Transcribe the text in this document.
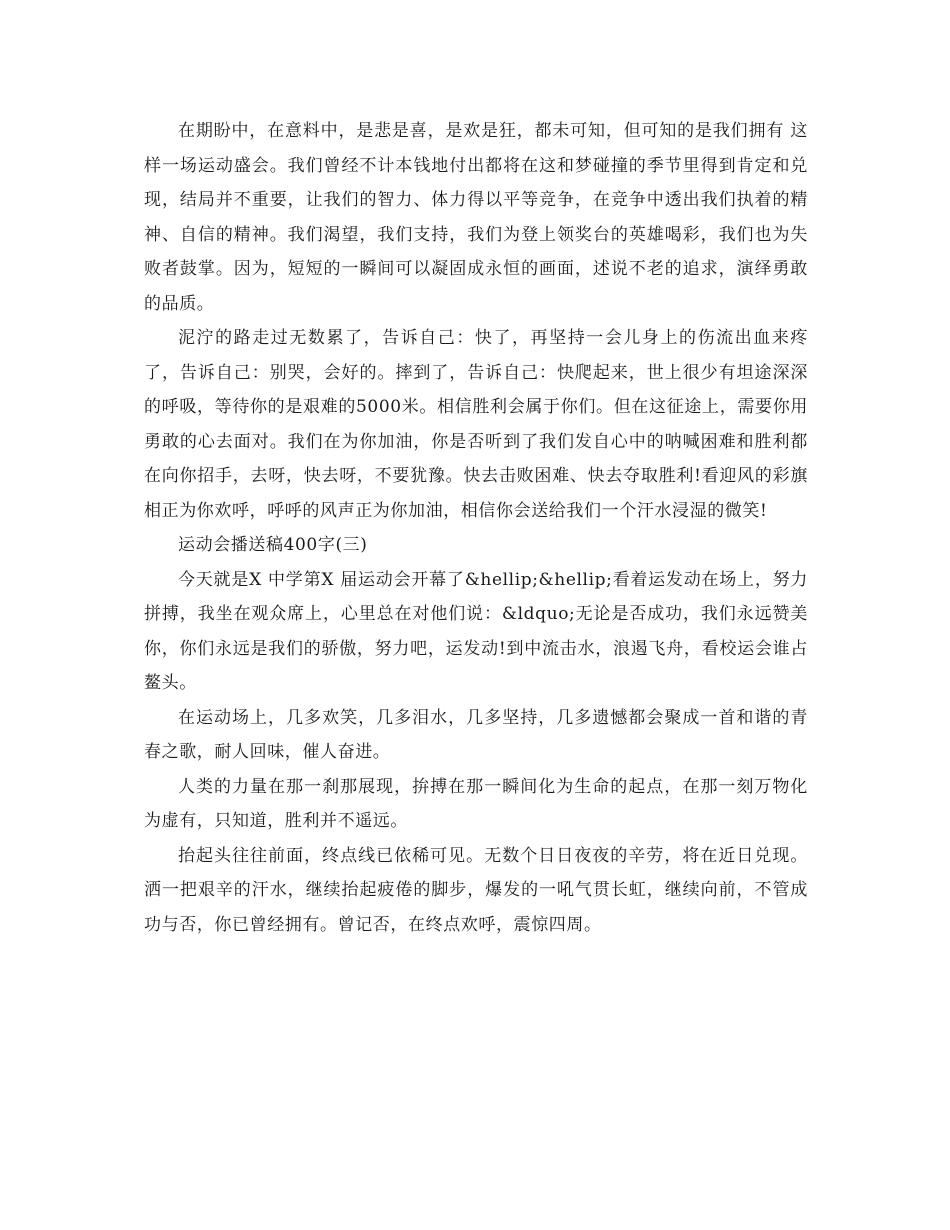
在期盼中，在意料中，是悲是喜，是欢是狂，都未可知，但可知的是我们拥有 这样一场运动盛会。我们曾经不计本钱地付出都将在这和梦碰撞的季节里得到肯定和兑现，结局并不重要，让我们的智力、体力得以平等竞争，在竞争中透出我们执着的精神、自信的精神。我们渴望，我们支持，我们为登上领奖台的英雄喝彩，我们也为失败者鼓掌。因为，短短的一瞬间可以凝固成永恒的画面，述说不老的追求，演绎勇敢的品质。

泥泞的路走过无数累了，告诉自己：快了，再坚持一会儿身上的伤流出血来疼了，告诉自己：别哭，会好的。摔到了，告诉自己：快爬起来，世上很少有坦途深深的呼吸，等待你的是艰难的5000米。相信胜利会属于你们。但在这征途上，需要你用勇敢的心去面对。我们在为你加油，你是否听到了我们发自心中的呐喊困难和胜利都在向你招手，去呀，快去呀，不要犹豫。快去击败困难、快去夺取胜利!看迎风的彩旗相正为你欢呼，呼呼的风声正为你加油，相信你会送给我们一个汗水浸湿的微笑!

运动会播送稿400字(三)

今天就是X 中学第X 届运动会开幕了&hellip;&hellip;看着运发动在场上，努力拼搏，我坐在观众席上，心里总在对他们说：&ldquo;无论是否成功，我们永远赞美你，你们永远是我们的骄傲，努力吧，运发动!到中流击水，浪遏飞舟，看校运会谁占鳌头。

在运动场上，几多欢笑，几多泪水，几多坚持，几多遗憾都会聚成一首和谐的青春之歌，耐人回味，催人奋进。

人类的力量在那一刹那展现，拚搏在那一瞬间化为生命的起点，在那一刻万物化为虚有，只知道，胜利并不遥远。

抬起头往往前面，终点线已依稀可见。无数个日日夜夜的辛劳，将在近日兑现。洒一把艰辛的汗水，继续抬起疲倦的脚步，爆发的一吼气贯长虹，继续向前，不管成功与否，你已曾经拥有。曾记否，在终点欢呼，震惊四周。
